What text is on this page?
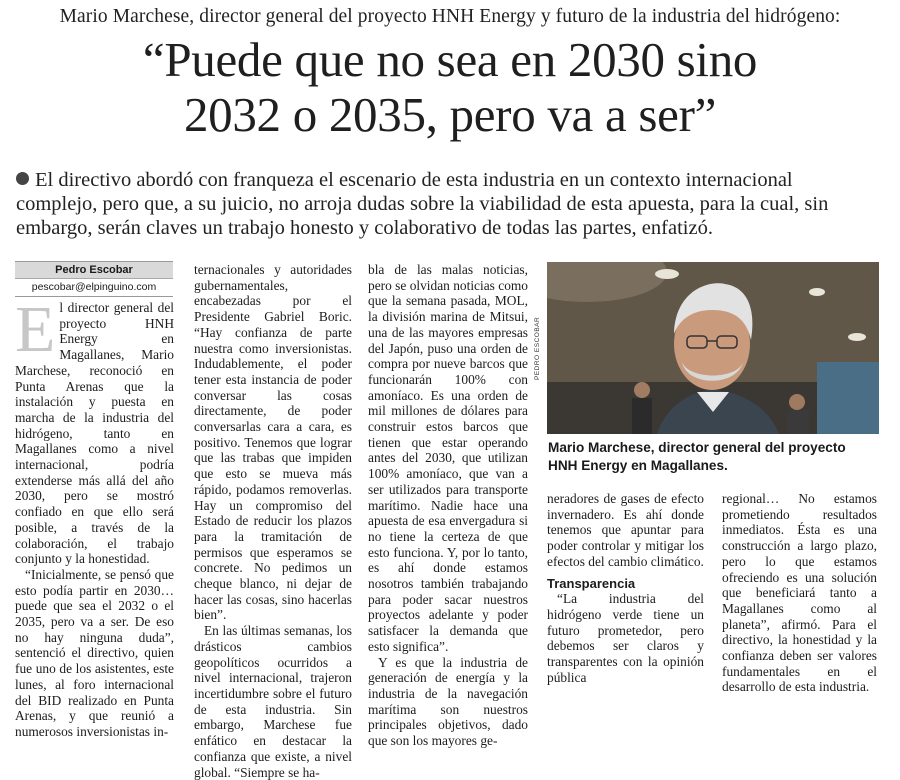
Mario Marchese, director general del proyecto HNH Energy y futuro de la industria del hidrógeno:
“Puede que no sea en 2030 sino
2032 o 2035, pero va a ser”
El directivo abordó con franqueza el escenario de esta industria en un contexto internacional complejo, pero que, a su juicio, no arroja dudas sobre la viabilidad de esta apuesta, para la cual, sin embargo, serán claves un trabajo honesto y colaborativo de todas las partes, enfatizó.
Pedro Escobar
pescobar@elpinguino.com

El director general del proyecto HNH Energy en Magallanes, Mario Marchese, reconoció en Punta Arenas que la instalación y puesta en marcha de la industria del hidrógeno, tanto en Magallanes como a nivel internacional, podría extenderse más allá del año 2030, pero se mostró confiado en que ello será posible, a través de la colaboración, el trabajo conjunto y la honestidad.

“Inicialmente, se pensó que esto podía partir en 2030… puede que sea el 2032 o el 2035, pero va a ser. De eso no hay ninguna duda”, sentenció el directivo, quien fue uno de los asistentes, este lunes, al foro internacional del BID realizado en Punta Arenas, y que reunió a numerosos inversionistas in-

ternacionales y autoridades gubernamentales, encabezadas por el Presidente Gabriel Boric. “Hay confianza de parte nuestra como inversionistas. Indudablemente, el poder tener esta instancia de poder conversar las cosas directamente, de poder conversarlas cara a cara, es positivo. Tenemos que lograr que las trabas que impiden que esto se mueva más rápido, podamos removerlas. Hay un compromiso del Estado de reducir los plazos para la tramitación de permisos que esperamos se concrete. No pedimos un cheque blanco, ni dejar de hacer las cosas, sino hacerlas bien”.

En las últimas semanas, los drásticos cambios geopolíticos ocurridos a nivel internacional, trajeron incertidumbre sobre el futuro de esta industria. Sin embargo, Marchese fue enfático en destacar la confianza que existe, a nivel global. “Siempre se ha-

bla de las malas noticias, pero se olvidan noticias como que la semana pasada, MOL, la división marina de Mitsui, una de las mayores empresas del Japón, puso una orden de compra por nueve barcos que funcionarán 100% con amoníaco. Es una orden de mil millones de dólares para construir estos barcos que tienen que estar operando antes del 2030, que utilizan 100% amoníaco, que van a ser utilizados para transporte marítimo. Nadie hace una apuesta de esa envergadura si no tiene la certeza de que esto funciona. Y, por lo tanto, es ahí donde estamos nosotros también trabajando para poder sacar nuestros proyectos adelante y poder satisfacer la demanda que esto significa”.

Y es que la industria de generación de energía y la industria de la navegación marítima son nuestros principales objetivos, dado que son los mayores ge-

PEDRO ESCOBAR
Mario Marchese, director general del proyecto HNH Energy en Magallanes.

neradores de gases de efecto invernadero. Es ahí donde tenemos que apuntar para poder controlar y mitigar los efectos del cambio climático.

Transparencia

“La industria del hidrógeno verde tiene un futuro prometedor, pero debemos ser claros y transparentes con la opinión pública

regional… No estamos prometiendo resultados inmediatos. Ésta es una construcción a largo plazo, pero lo que estamos ofreciendo es una solución que beneficiará tanto a Magallanes como al planeta”, afirmó. Para el directivo, la honestidad y la confianza deben ser valores fundamentales en el desarrollo de esta industria.
